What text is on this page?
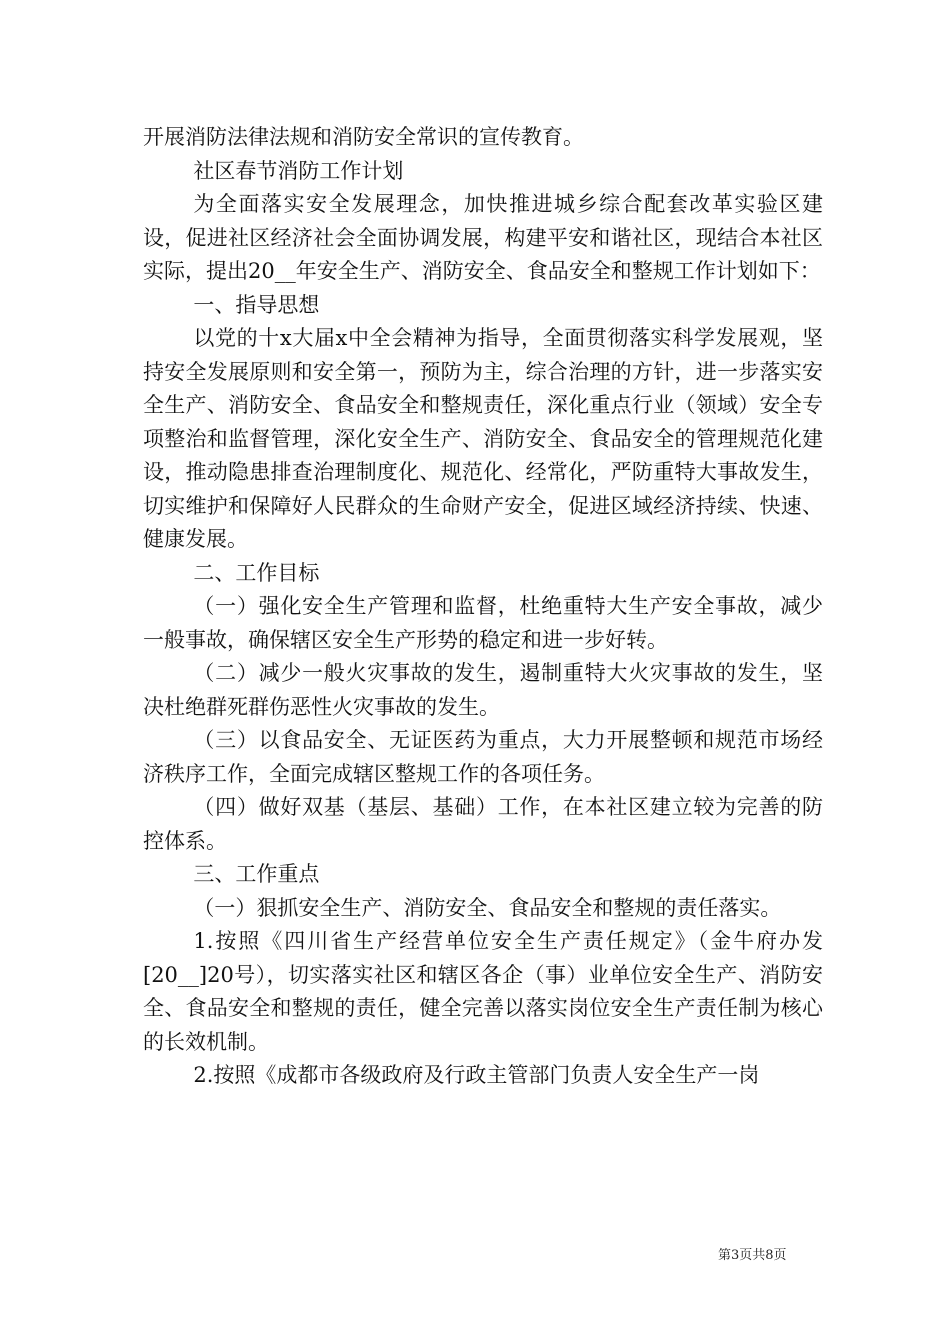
开展消防法律法规和消防安全常识的宣传教育。

社区春节消防工作计划

为全面落实安全发展理念，加快推进城乡综合配套改革实验区建设，促进社区经济社会全面协调发展，构建平安和谐社区，现结合本社区实际，提出20__年安全生产、消防安全、食品安全和整规工作计划如下：

一、指导思想

以党的十x大届x中全会精神为指导，全面贯彻落实科学发展观，坚持安全发展原则和安全第一，预防为主，综合治理的方针，进一步落实安全生产、消防安全、食品安全和整规责任，深化重点行业（领域）安全专项整治和监督管理，深化安全生产、消防安全、食品安全的管理规范化建设，推动隐患排查治理制度化、规范化、经常化，严防重特大事故发生，切实维护和保障好人民群众的生命财产安全，促进区域经济持续、快速、健康发展。

二、工作目标

（一）强化安全生产管理和监督，杜绝重特大生产安全事故，减少一般事故，确保辖区安全生产形势的稳定和进一步好转。

（二）减少一般火灾事故的发生，遏制重特大火灾事故的发生，坚决杜绝群死群伤恶性火灾事故的发生。

（三）以食品安全、无证医药为重点，大力开展整顿和规范市场经济秩序工作，全面完成辖区整规工作的各项任务。

（四）做好双基（基层、基础）工作，在本社区建立较为完善的防控体系。

三、工作重点

（一）狠抓安全生产、消防安全、食品安全和整规的责任落实。

1.按照《四川省生产经营单位安全生产责任规定》（金牛府办发[20__]20号），切实落实社区和辖区各企（事）业单位安全生产、消防安全、食品安全和整规的责任，健全完善以落实岗位安全生产责任制为核心的长效机制。

2.按照《成都市各级政府及行政主管部门负责人安全生产一岗

第3页共8页
